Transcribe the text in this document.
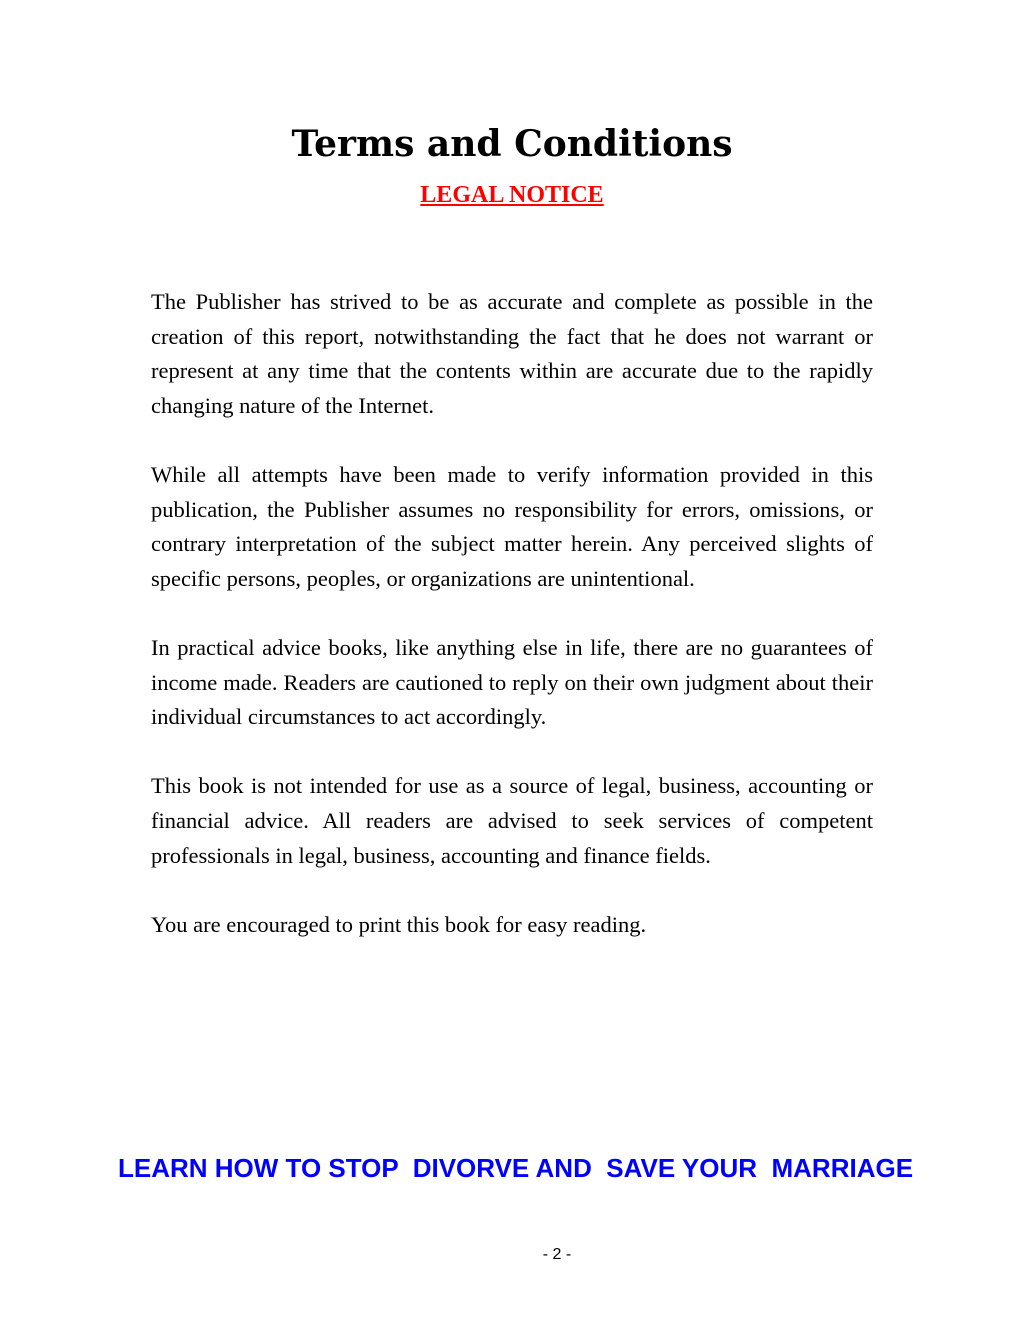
Terms and Conditions
LEGAL NOTICE

The Publisher has strived to be as accurate and complete as possible in the creation of this report, notwithstanding the fact that he does not warrant or represent at any time that the contents within are accurate due to the rapidly changing nature of the Internet.

While all attempts have been made to verify information provided in this publication, the Publisher assumes no responsibility for errors, omissions, or contrary interpretation of the subject matter herein. Any perceived slights of specific persons, peoples, or organizations are unintentional.

In practical advice books, like anything else in life, there are no guarantees of income made. Readers are cautioned to reply on their own judgment about their individual circumstances to act accordingly.

This book is not intended for use as a source of legal, business, accounting or financial advice. All readers are advised to seek services of competent professionals in legal, business, accounting and finance fields.

You are encouraged to print this book for easy reading.

LEARN HOW TO STOP  DIVORVE AND  SAVE YOUR  MARRIAGE
- 2 -
